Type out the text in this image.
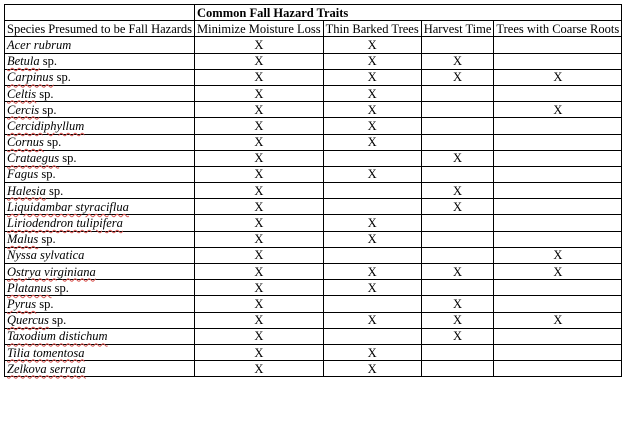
	Common Fall Hazard Traits			
Species Presumed to be Fall Hazards	Minimize Moisture Loss	Thin Barked Trees	Harvest Time	Trees with Coarse Roots
Acer rubrum	X	X		
Betula sp.	X	X	X	
Carpinus sp.	X	X	X	X
Celtis sp.	X	X		
Cercis sp.	X	X		X
Cercidiphyllum	X	X		
Cornus sp.	X	X		
Crataegus sp.	X		X	
Fagus sp.	X	X		
Halesia sp.	X		X	
Liquidambar styraciflua	X		X	
Liriodendron tulipifera	X	X		
Malus sp.	X	X		
Nyssa sylvatica	X			X
Ostrya virginiana	X	X	X	X
Platanus sp.	X	X		
Pyrus sp.	X		X	
Quercus sp.	X	X	X	X
Taxodium distichum	X		X	
Tilia tomentosa	X	X		
Zelkova serrata	X	X		
